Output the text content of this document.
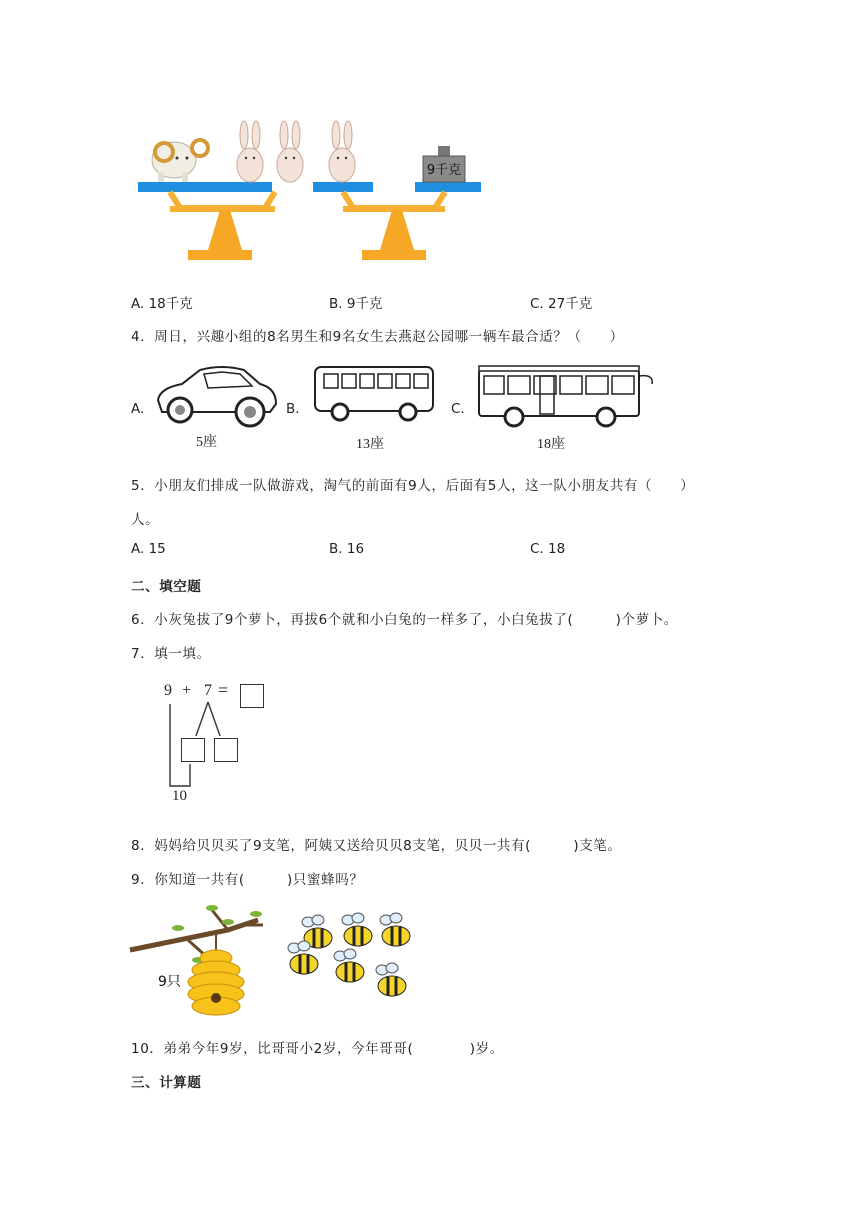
9千克
A. 18千克	B. 9千克	C. 27千克
4．周日，兴趣小组的8名男生和9名女生去燕赵公园哪一辆车最合适？（　　）
A.
5座
B.
13座
C.
18座
5．小朋友们排成一队做游戏，淘气的前面有9人，后面有5人，这一队小朋友共有（　　）
人。
A. 15	B. 16	C. 18
二、填空题
6．小灰兔拔了9个萝卜，再拔6个就和小白兔的一样多了，小白兔拔了(　　　)个萝卜。
7．填一填。
9 + 7 =
10
8．妈妈给贝贝买了9支笔，阿姨又送给贝贝8支笔，贝贝一共有(　　　)支笔。
9．你知道一共有(　　　)只蜜蜂吗？
9只
10．弟弟今年9岁，比哥哥小2岁，今年哥哥(　　　　)岁。
三、计算题
